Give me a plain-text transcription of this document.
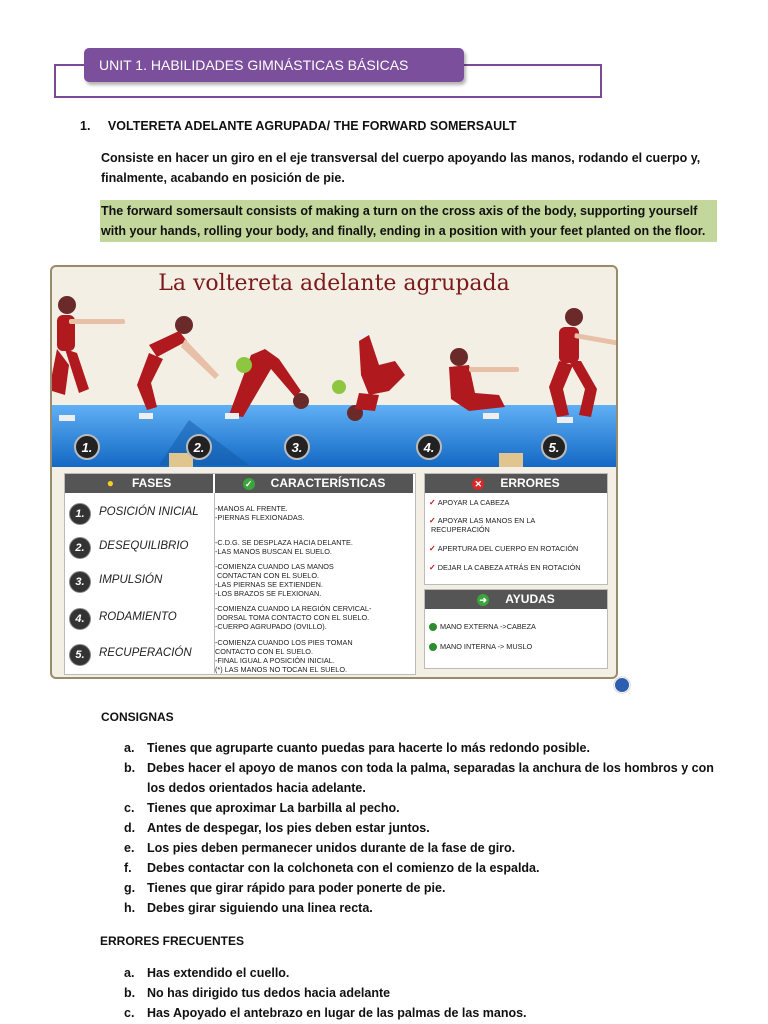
UNIT 1. HABILIDADES GIMNÁSTICAS BÁSICAS
1. VOLTERETA ADELANTE AGRUPADA/ THE FORWARD SOMERSAULT
Consiste en hacer un giro en el eje transversal del cuerpo apoyando las manos, rodando el cuerpo y, finalmente, acabando en posición de pie.
The forward somersault consists of making a turn on the cross axis of the body, supporting yourself with your hands, rolling your body, and finally, ending in a position with your feet planted on the floor.
La voltereta adelante agrupada
1.	2.	3.	4.	5.
● FASES	✓ CARACTERÍSTICAS
1.	POSICIÓN INICIAL -MANOS AL FRENTE.
-PIERNAS FLEXIONADAS.
2.	DESEQUILIBRIO	-C.D.G. SE DESPLAZA HACIA DELANTE.
-LAS MANOS BUSCAN EL SUELO.
3.	IMPULSIÓN
-COMIENZA CUANDO LAS MANOS
CONTACTAN CON EL SUELO.
-LAS PIERNAS SE EXTIENDEN.
-LOS BRAZOS SE FLEXIONAN.
4.	RODAMIENTO
-COMIENZA CUANDO LA REGIÓN CERVICAL-
DORSAL TOMA CONTACTO CON EL SUELO.
-CUERPO AGRUPADO (OVILLO).
5.	RECUPERACIÓN
-COMIENZA CUANDO LOS PIES TOMAN
CONTACTO CON EL SUELO.
-FINAL IGUAL A POSICIÓN INICIAL.
(*) LAS MANOS NO TOCAN EL SUELO.
✕ ERRORES
✓ APOYAR LA CABEZA
✓ APOYAR LAS MANOS EN LA
RECUPERACIÓN
✓ APERTURA DEL CUERPO EN ROTACIÓN
✓ DEJAR LA CABEZA ATRÁS EN ROTACIÓN
➜ AYUDAS
MANO EXTERNA ->CABEZA
MANO INTERNA -> MUSLO
CONSIGNAS
a. Tienes que agruparte cuanto puedas para hacerte lo más redondo posible.
b. Debes hacer el apoyo de manos con toda la palma, separadas la anchura de los hombros y con los dedos orientados hacia adelante.
c. Tienes que aproximar La barbilla al pecho.
d. Antes de despegar, los pies deben estar juntos.
e. Los pies deben permanecer unidos durante de la fase de giro.
f. Debes contactar con la colchoneta con el comienzo de la espalda.
g. Tienes que girar rápido para poder ponerte de pie.
h. Debes girar siguiendo una linea recta.
ERRORES FRECUENTES
a. Has extendido el cuello.
b. No has dirigido tus dedos hacia adelante
c. Has Apoyado el antebrazo en lugar de las palmas de las manos.
